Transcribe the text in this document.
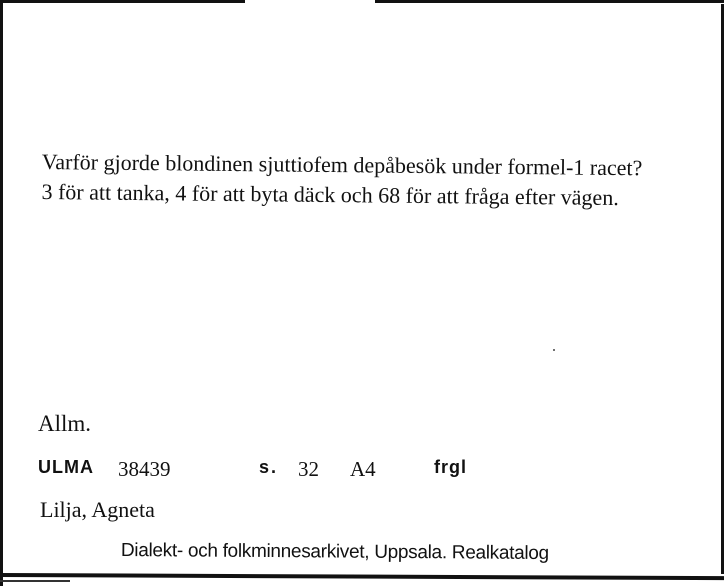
Varför gjorde blondinen sjuttiofem depåbesök under formel-1 racet?

3 för att tanka, 4 för att byta däck och 68 för att fråga efter vägen.

Allm.
ULMA 38439	s. 32 A4	frgl
Lilja, Agneta
Dialekt- och folkminnesarkivet, Uppsala. Realkatalog
